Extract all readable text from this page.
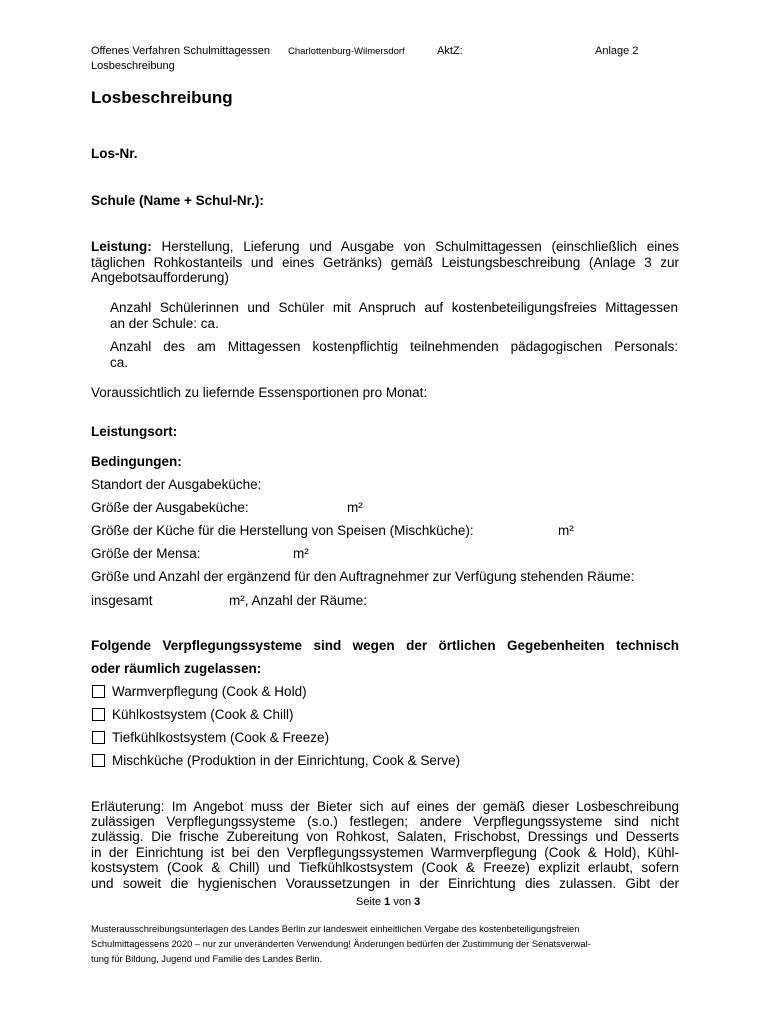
Offenes Verfahren Schulmittagessen Charlottenburg-Wilmersdorf	AktZ:	Anlage 2
Losbeschreibung
Losbeschreibung
Los-Nr.
Schule (Name + Schul-Nr.):
Leistung: Herstellung, Lieferung und Ausgabe von Schulmittagessen (einschließlich eines
täglichen Rohkostanteils und eines Getränks) gemäß Leistungsbeschreibung (Anlage 3 zur
Angebotsaufforderung)
Anzahl Schülerinnen und Schüler mit Anspruch auf kostenbeteiligungsfreies Mittagessen
an der Schule: ca.
Anzahl des am Mittagessen kostenpflichtig teilnehmenden pädagogischen Personals:
ca.
Voraussichtlich zu liefernde Essensportionen pro Monat:
Leistungsort:
Bedingungen:
Standort der Ausgabeküche:
Größe der Ausgabeküche:	m²
Größe der Küche für die Herstellung von Speisen (Mischküche):	m²
Größe der Mensa:	m²
Größe und Anzahl der ergänzend für den Auftragnehmer zur Verfügung stehenden Räume:
insgesamt	m², Anzahl der Räume:
Folgende Verpflegungssysteme sind wegen der örtlichen Gegebenheiten technisch
oder räumlich zugelassen:
Warmverpflegung (Cook & Hold)
Kühlkostsystem (Cook & Chill)
Tiefkühlkostsystem (Cook & Freeze)
Mischküche (Produktion in der Einrichtung, Cook & Serve)
Erläuterung: Im Angebot muss der Bieter sich auf eines der gemäß dieser Losbeschreibung
zulässigen Verpflegungssysteme (s.o.) festlegen; andere Verpflegungssysteme sind nicht
zulässig. Die frische Zubereitung von Rohkost, Salaten, Frischobst, Dressings und Desserts
in der Einrichtung ist bei den Verpflegungssystemen Warmverpflegung (Cook & Hold), Kühl-
kostsystem (Cook & Chill) und Tiefkühlkostsystem (Cook & Freeze) explizit erlaubt, sofern
und soweit die hygienischen Voraussetzungen in der Einrichtung dies zulassen. Gibt der
Seite 1 von 3
Musterausschreibungsunterlagen des Landes Berlin zur landesweit einheitlichen Vergabe des kostenbeteiligungsfreien
Schulmittagessens 2020 – nur zur unveränderten Verwendung! Änderungen bedürfen der Zustimmung der Senatsverwal-
tung für Bildung, Jugend und Familie des Landes Berlin.
